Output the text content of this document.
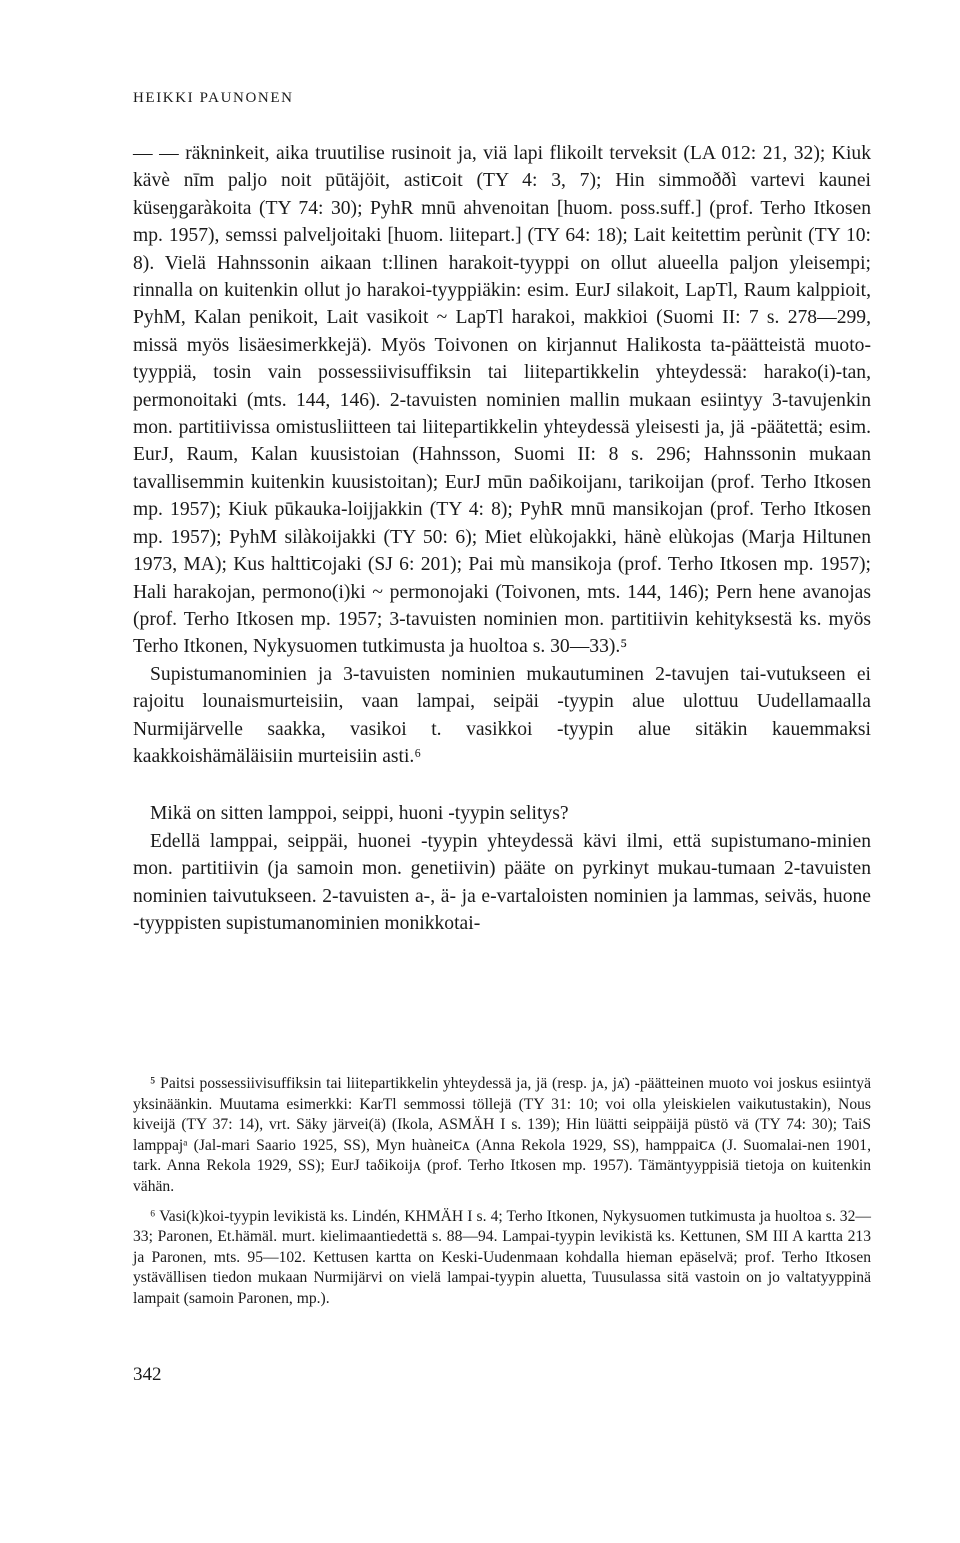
HEIKKI PAUNONEN

— — räkninkeit, aika truutilise rusinoit ja, viä lapi flikoilt terveksit (LA 012: 21, 32); Kiuk kävè nīm paljo noit pūtäjöit, astiꞇoit (TY 4: 3, 7); Hin simmoððì vartevi kaunei küseŋgaràkoita (TY 74: 30); PyhR mnū ahvenoitan [huom. poss.suff.] (prof. Terho Itkosen mp. 1957), semssi palveljoitaki [huom. liitepart.] (TY 64: 18); Lait keitettim perùnit (TY 10: 8). Vielä Hahnssonin aikaan t:llinen harakoit-tyyppi on ollut alueella paljon yleisempi; rinnalla on kuitenkin ollut jo harakoi-tyyppiäkin: esim. EurJ silakoit, LapTl, Raum kalppioit, PyhM, Kalan penikoit, Lait vasikoit ~ LapTl harakoi, makkioi (Suomi II: 7 s. 278—299, missä myös lisäesimerkkejä). Myös Toivonen on kirjannut Halikosta ta-päätteistä muoto-tyyppiä, tosin vain possessiivisuffiksin tai liitepartikkelin yhteydessä: harako(i)-tan, permonoitaki (mts. 144, 146). 2-tavuisten nominien mallin mukaan esiintyy 3-tavujenkin mon. partitiivissa omistusliitteen tai liitepartikkelin yhteydessä yleisesti ja, jä -päätettä; esim. EurJ, Raum, Kalan kuusistoian (Hahnsson, Suomi II: 8 s. 296; Hahnssonin mukaan tavallisemmin kuitenkin kuusistoitan); EurJ mūn ᴅaδikoijanı, tarikoijan (prof. Terho Itkosen mp. 1957); Kiuk pūkauka-loijjakkin (TY 4: 8); PyhR mnū mansikojan (prof. Terho Itkosen mp. 1957); PyhM silàkoijakki (TY 50: 6); Miet elùkojakki, hänè elùkojas (Marja Hiltunen 1973, MA); Kus halttiꞇojaki (SJ 6: 201); Pai mù mansikoja (prof. Terho Itkosen mp. 1957); Hali harakojan, permono(i)ki ~ permonojaki (Toivonen, mts. 144, 146); Pern hene avanojas (prof. Terho Itkosen mp. 1957; 3-tavuisten nominien mon. partitiivin kehityksestä ks. myös Terho Itkonen, Nykysuomen tutkimusta ja huoltoa s. 30—33).⁵

Supistumanominien ja 3-tavuisten nominien mukautuminen 2-tavujen tai-vutukseen ei rajoitu lounaismurteisiin, vaan lampai, seipäi -tyypin alue ulottuu Uudellamaalla Nurmijärvelle saakka, vasikoi t. vasikkoi -tyypin alue sitäkin kauemmaksi kaakkoishämäläisiin murteisiin asti.⁶

Mikä on sitten lamppoi, seippi, huoni -tyypin selitys?

Edellä lamppai, seippäi, huonei -tyypin yhteydessä kävi ilmi, että supistumano-minien mon. partitiivin (ja samoin mon. genetiivin) pääte on pyrkinyt mukau-tumaan 2-tavuisten nominien taivutukseen. 2-tavuisten a-, ä- ja e-vartaloisten nominien ja lammas, seiväs, huone -tyyppisten supistumanominien monikkotai-

⁵ Paitsi possessiivisuffiksin tai liitepartikkelin yhteydessä ja, jä (resp. jᴀ, jᴀ̈) -päätteinen muoto voi joskus esiintyä yksinäänkin. Muutama esimerkki: KarTl semmossi töllejä (TY 31: 10; voi olla yleiskielen vaikutustakin), Nous kiveijä (TY 37: 14), vrt. Säky järvei(ä) (Ikola, ASMÄH I s. 139); Hin lüätti seippäijä püstö vä (TY 74: 30); TaiS lamppajᵃ (Jal-mari Saario 1925, SS), Myn huàneiꞇᴀ (Anna Rekola 1929, SS), hamppaiꞇᴀ (J. Suomalai-nen 1901, tark. Anna Rekola 1929, SS); EurJ taδikoijᴀ (prof. Terho Itkosen mp. 1957). Tämäntyyppisiä tietoja on kuitenkin vähän.

⁶ Vasi(k)koi-tyypin levikistä ks. Lindén, KHMÄH I s. 4; Terho Itkonen, Nykysuomen tutkimusta ja huoltoa s. 32—33; Paronen, Et.hämäl. murt. kielimaantiedettä s. 88—94. Lampai-tyypin levikistä ks. Kettunen, SM III A kartta 213 ja Paronen, mts. 95—102. Kettusen kartta on Keski-Uudenmaan kohdalla hieman epäselvä; prof. Terho Itkosen ystävällisen tiedon mukaan Nurmijärvi on vielä lampai-tyypin aluetta, Tuusulassa sitä vastoin on jo valtatyyppinä lampait (samoin Paronen, mp.).

342
